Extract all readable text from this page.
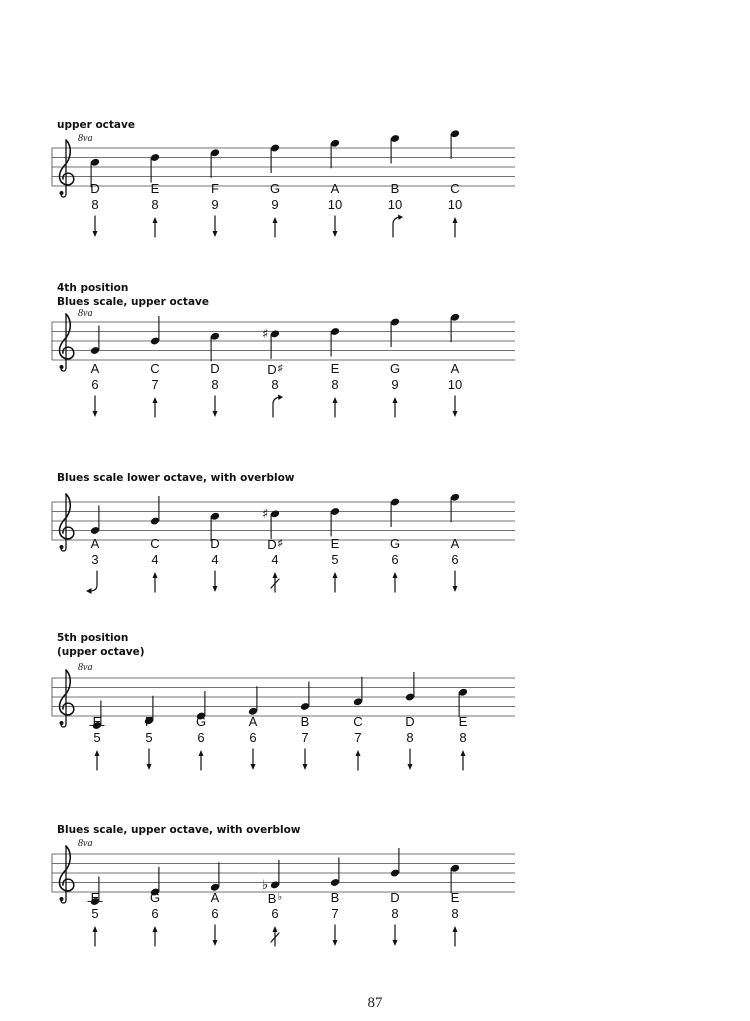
upper octave
8va
D	E	F	G	A	B	C
8	8	9	9	10	10	10
4th position
Blues scale, upper octave
8va
♯
A	C	D	D♯	E	G	A
6	7	8	8	8	9	10
Blues scale lower octave, with overblow
♯
A	C	D	D♯	E	G	A
3	4	4	4	5	6	6
5th position
(upper octave)
8va
E	F	G	A	B	C	D	E
5	5	6	6	7	7	8	8
Blues scale, upper octave, with overblow
8va
♭
E	G	A	B♭	B	D	E
5	6	6	6	7	8	8
87
